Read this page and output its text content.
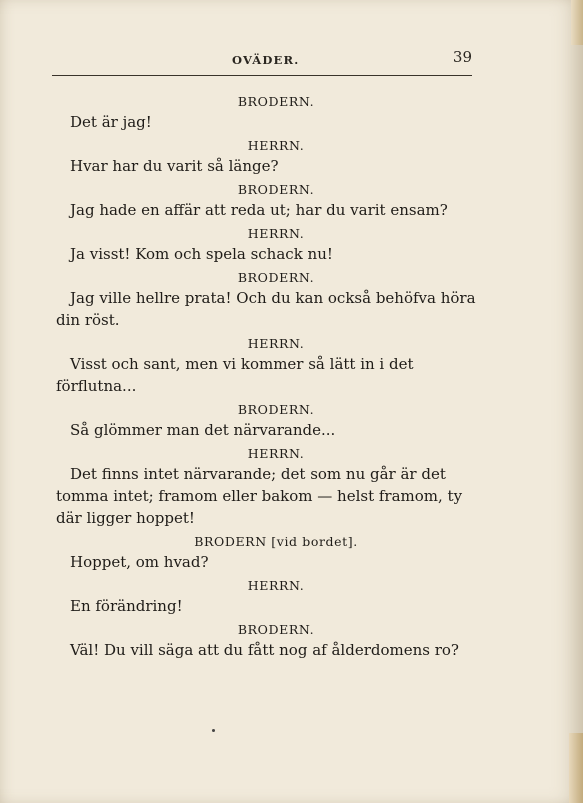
OVÄDER.	39
BRODERN.
Det är jag!
HERRN.
Hvar har du varit så länge?
BRODERN.
Jag hade en affär att reda ut; har du varit ensam?
HERRN.
Ja visst! Kom och spela schack nu!
BRODERN.
Jag ville hellre prata! Och du kan också behöfva höra din röst.
HERRN.
Visst och sant, men vi kommer så lätt in i det förflutna...
BRODERN.
Så glömmer man det närvarande...
HERRN.
Det finns intet närvarande; det som nu går är det tomma intet; framom eller bakom — helst framom, ty där ligger hoppet!
BRODERN [vid bordet].
Hoppet, om hvad?
HERRN.
En förändring!
BRODERN.
Väl! Du vill säga att du fått nog af ålderdomens ro?
